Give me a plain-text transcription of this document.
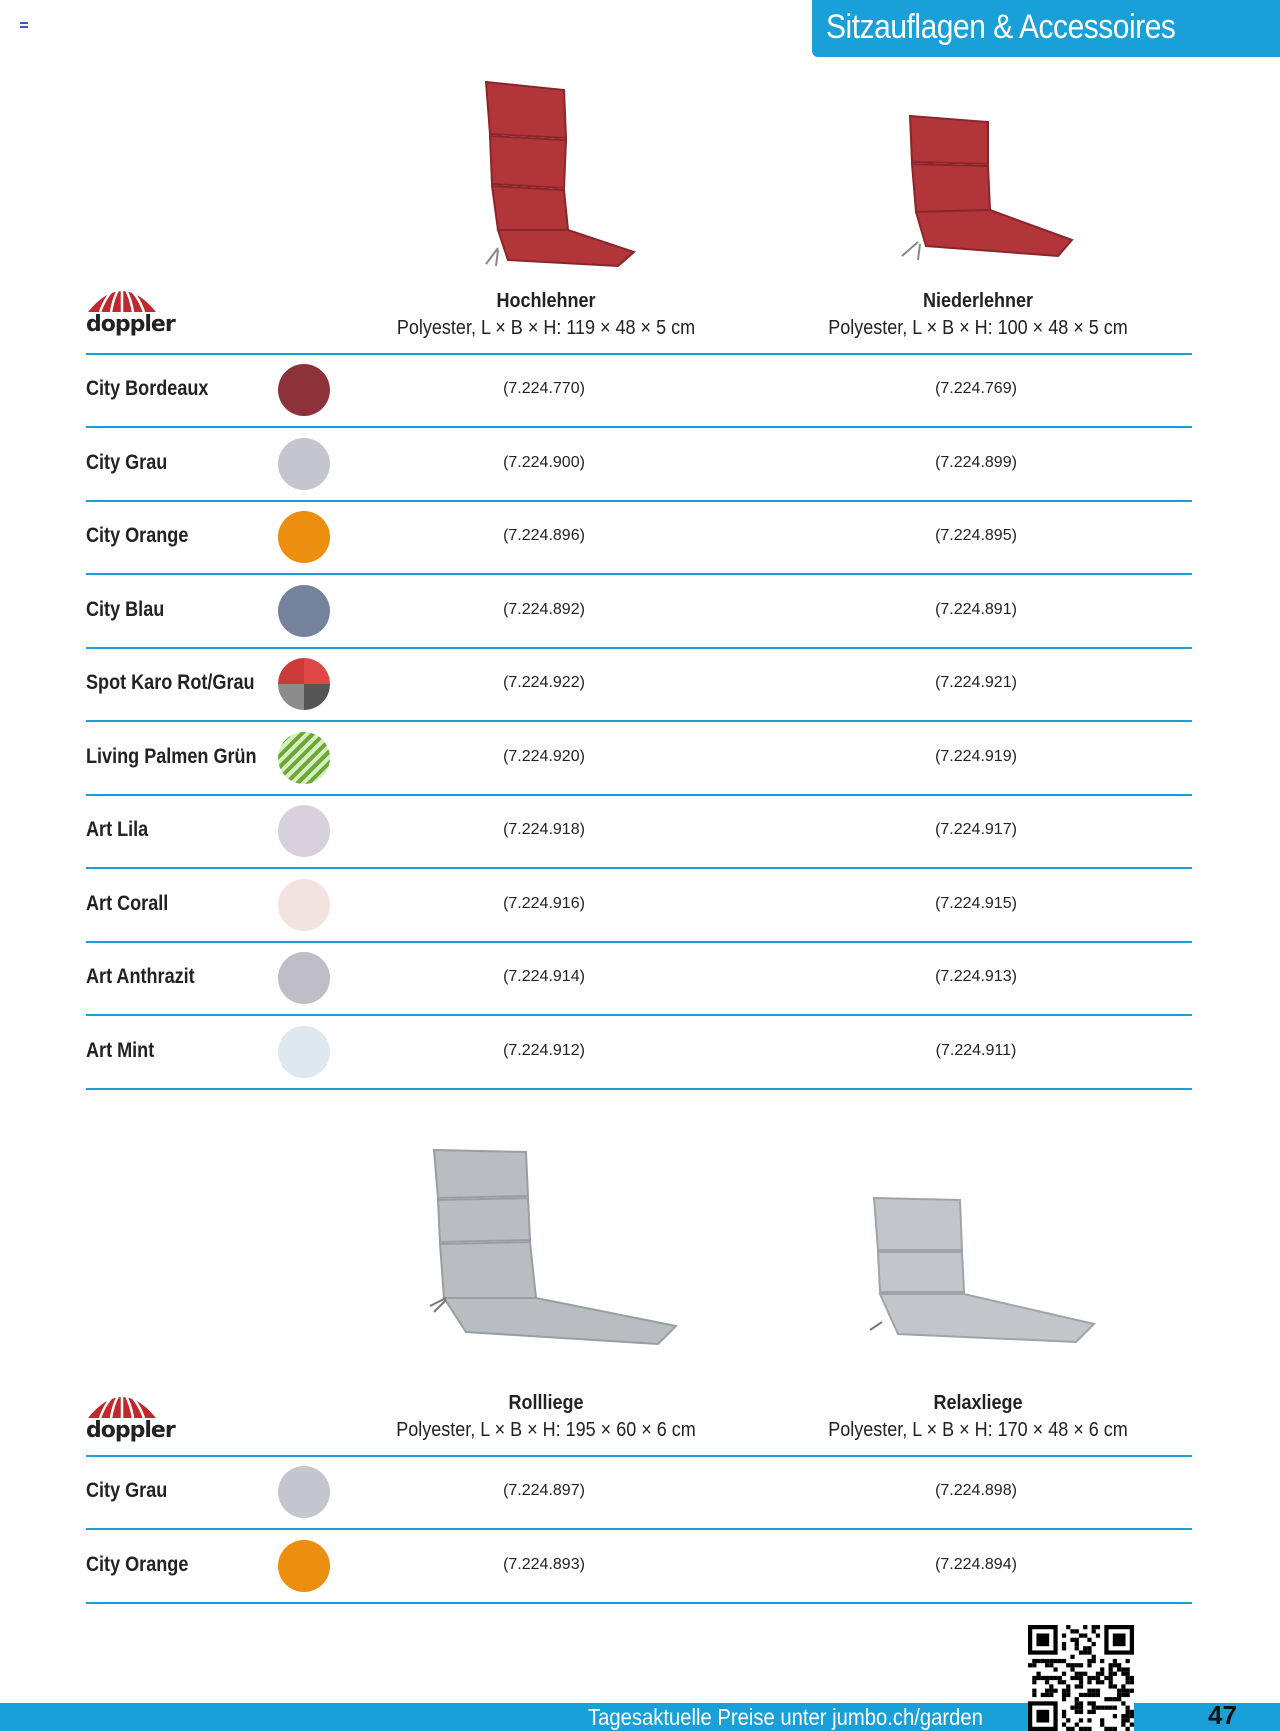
Sitzauflagen & Accessoires
doppler
Hochlehner
Polyester, L × B × H: 119 × 48 × 5 cm
Niederlehner
Polyester, L × B × H: 100 × 48 × 5 cm
City Bordeaux	(7.224.770)	(7.224.769)
City Grau	(7.224.900)	(7.224.899)
City Orange	(7.224.896)	(7.224.895)
City Blau	(7.224.892)	(7.224.891)
Spot Karo Rot/Grau	(7.224.922)	(7.224.921)
Living Palmen Grün	(7.224.920)	(7.224.919)
Art Lila	(7.224.918)	(7.224.917)
Art Corall	(7.224.916)	(7.224.915)
Art Anthrazit	(7.224.914)	(7.224.913)
Art Mint	(7.224.912)	(7.224.911)
doppler
Rollliege
Polyester, L × B × H: 195 × 60 × 6 cm
Relaxliege
Polyester, L × B × H: 170 × 48 × 6 cm
City Grau	(7.224.897)	(7.224.898)
City Orange	(7.224.893)	(7.224.894)
Tagesaktuelle Preise unter jumbo.ch/garden	47
